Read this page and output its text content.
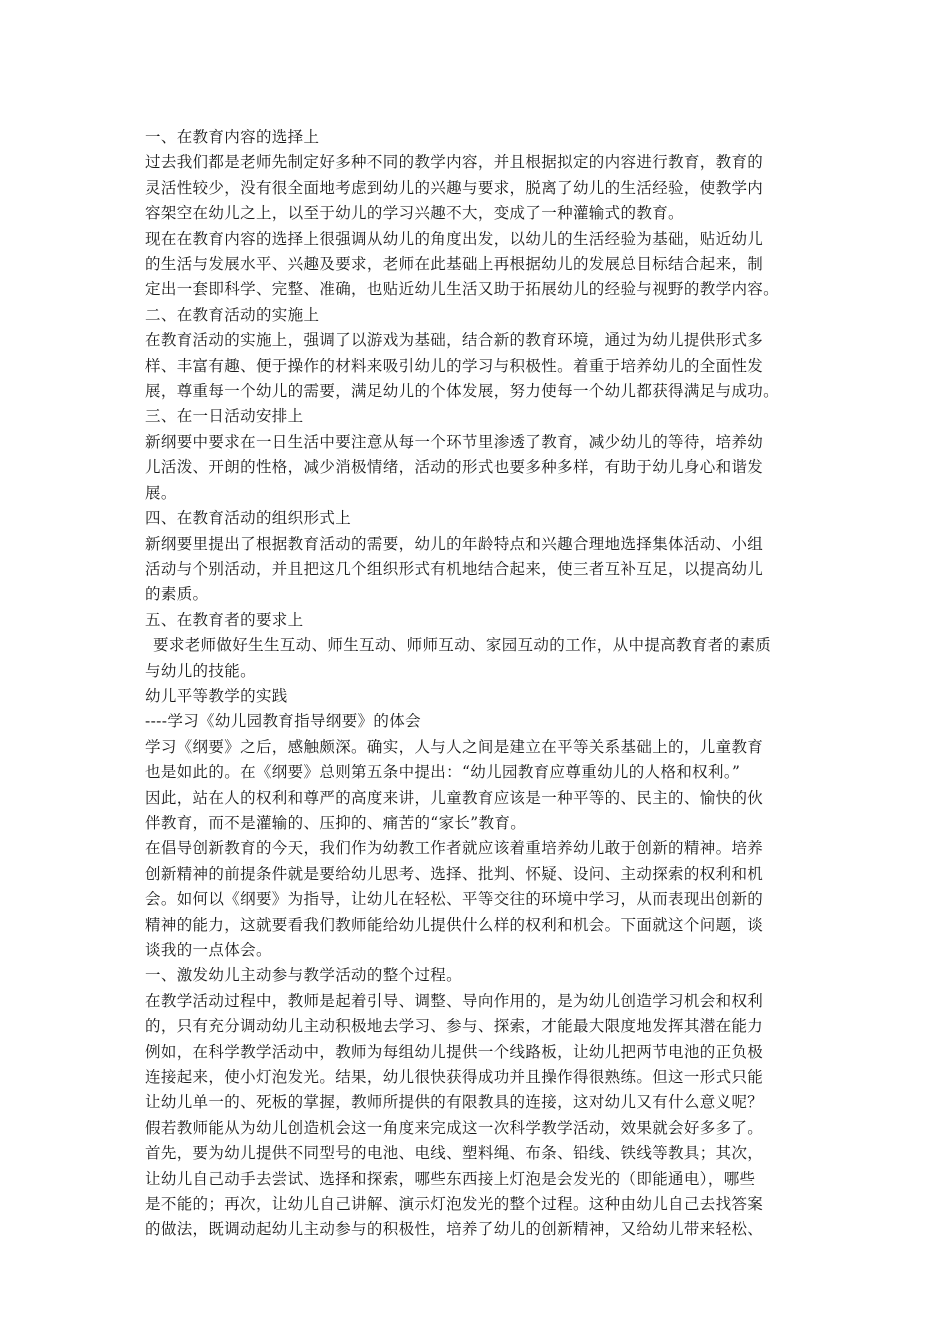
一、在教育内容的选择上
过去我们都是老师先制定好多种不同的教学内容，并且根据拟定的内容进行教育，教育的
灵活性较少，没有很全面地考虑到幼儿的兴趣与要求，脱离了幼儿的生活经验，使教学内
容架空在幼儿之上，以至于幼儿的学习兴趣不大，变成了一种灌输式的教育。
现在在教育内容的选择上很强调从幼儿的角度出发，以幼儿的生活经验为基础，贴近幼儿
的生活与发展水平、兴趣及要求，老师在此基础上再根据幼儿的发展总目标结合起来，制
定出一套即科学、完整、准确，也贴近幼儿生活又助于拓展幼儿的经验与视野的教学内容。
二、在教育活动的实施上
在教育活动的实施上，强调了以游戏为基础，结合新的教育环境，通过为幼儿提供形式多
样、丰富有趣、便于操作的材料来吸引幼儿的学习与积极性。着重于培养幼儿的全面性发
展，尊重每一个幼儿的需要，满足幼儿的个体发展，努力使每一个幼儿都获得满足与成功。
三、在一日活动安排上
新纲要中要求在一日生活中要注意从每一个环节里渗透了教育，减少幼儿的等待，培养幼
儿活泼、开朗的性格，减少消极情绪，活动的形式也要多种多样，有助于幼儿身心和谐发
展。
四、在教育活动的组织形式上
新纲要里提出了根据教育活动的需要，幼儿的年龄特点和兴趣合理地选择集体活动、小组
活动与个别活动，并且把这几个组织形式有机地结合起来，使三者互补互足，以提高幼儿
的素质。
五、在教育者的要求上
要求老师做好生生互动、师生互动、师师互动、家园互动的工作，从中提高教育者的素质
与幼儿的技能。
幼儿平等教学的实践
----学习《幼儿园教育指导纲要》的体会
学习《纲要》之后，感触颇深。确实，人与人之间是建立在平等关系基础上的，儿童教育
也是如此的。在《纲要》总则第五条中提出：“幼儿园教育应尊重幼儿的人格和权利。”
因此，站在人的权利和尊严的高度来讲，儿童教育应该是一种平等的、民主的、愉快的伙
伴教育，而不是灌输的、压抑的、痛苦的“家长”教育。
在倡导创新教育的今天，我们作为幼教工作者就应该着重培养幼儿敢于创新的精神。培养
创新精神的前提条件就是要给幼儿思考、选择、批判、怀疑、设问、主动探索的权利和机
会。如何以《纲要》为指导，让幼儿在轻松、平等交往的环境中学习，从而表现出创新的
精神的能力，这就要看我们教师能给幼儿提供什么样的权利和机会。下面就这个问题，谈
谈我的一点体会。
一、激发幼儿主动参与教学活动的整个过程。
在教学活动过程中，教师是起着引导、调整、导向作用的，是为幼儿创造学习机会和权利
的，只有充分调动幼儿主动积极地去学习、参与、探索，才能最大限度地发挥其潜在能力
例如，在科学教学活动中，教师为每组幼儿提供一个线路板，让幼儿把两节电池的正负极
连接起来，使小灯泡发光。结果，幼儿很快获得成功并且操作得很熟练。但这一形式只能
让幼儿单一的、死板的掌握，教师所提供的有限教具的连接，这对幼儿又有什么意义呢？
假若教师能从为幼儿创造机会这一角度来完成这一次科学教学活动，效果就会好多多了。
首先，要为幼儿提供不同型号的电池、电线、塑料绳、布条、铅线、铁线等教具；其次，
让幼儿自己动手去尝试、选择和探索，哪些东西接上灯泡是会发光的（即能通电），哪些
是不能的；再次，让幼儿自己讲解、演示灯泡发光的整个过程。这种由幼儿自己去找答案
的做法，既调动起幼儿主动参与的积极性，培养了幼儿的创新精神，又给幼儿带来轻松、
